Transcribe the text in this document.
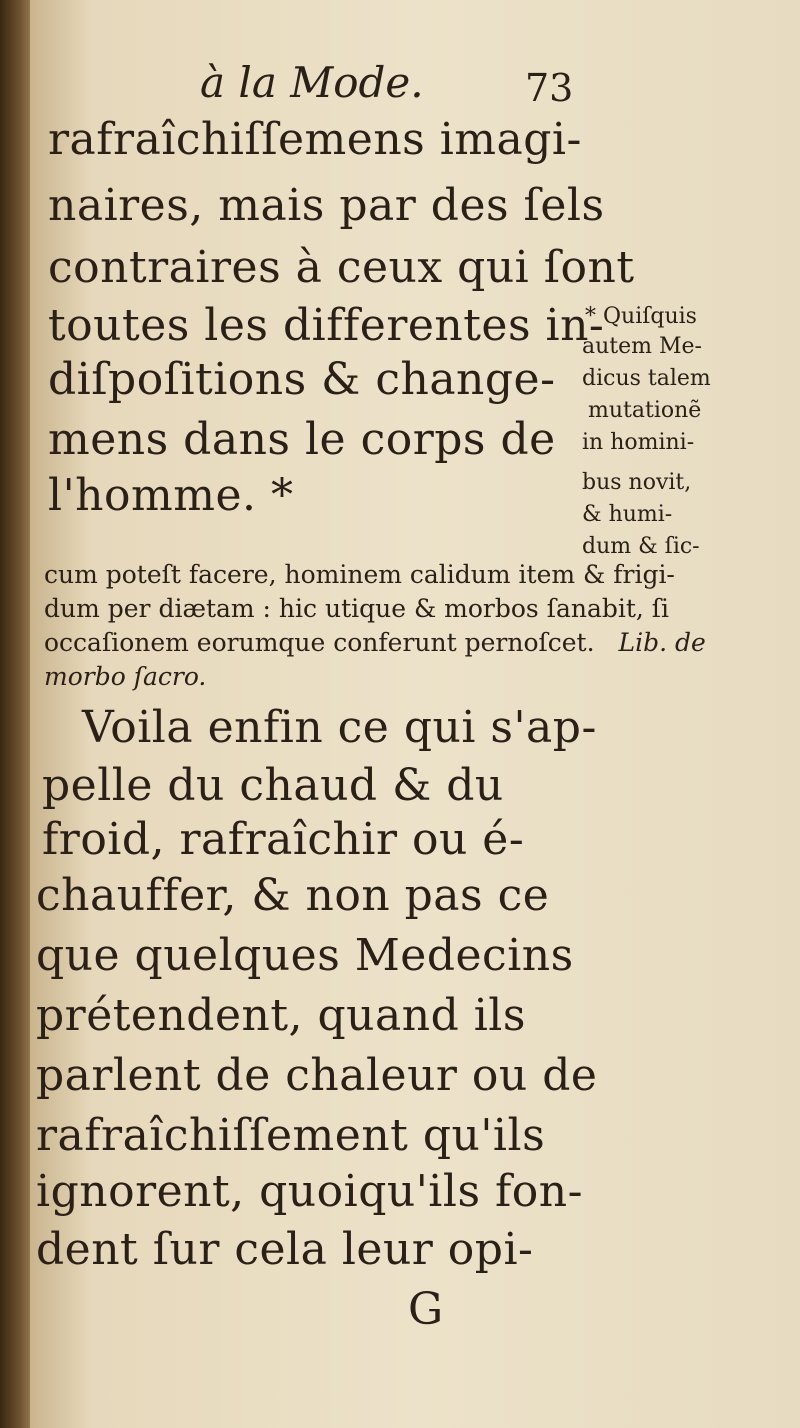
à la Mode.	73
rafraîchiſſemens imagi-
naires, mais par des ſels
contraires à ceux qui ſont
toutes les differentes in-
diſpoſitions & change-
mens dans le corps de
l'homme. *
* Quiſquis
autem Me-
dicus talem
mutationẽ
in homini-
bus novit,
& humi-
dum & ſic-
cum poteſt facere, hominem calidum item & frigi-
dum per diætam : hic utique & morbos ſanabit, ſi
occaſionem eorumque conferunt pernoſcet. Lib. de
morbo ſacro.
Voila enfin ce qui s'ap-
pelle du chaud & du
froid, rafraîchir ou é-
chauffer, & non pas ce
que quelques Medecins
prétendent, quand ils
parlent de chaleur ou de
rafraîchiſſement qu'ils
ignorent, quoiqu'ils fon-
dent ſur cela leur opi-
G
